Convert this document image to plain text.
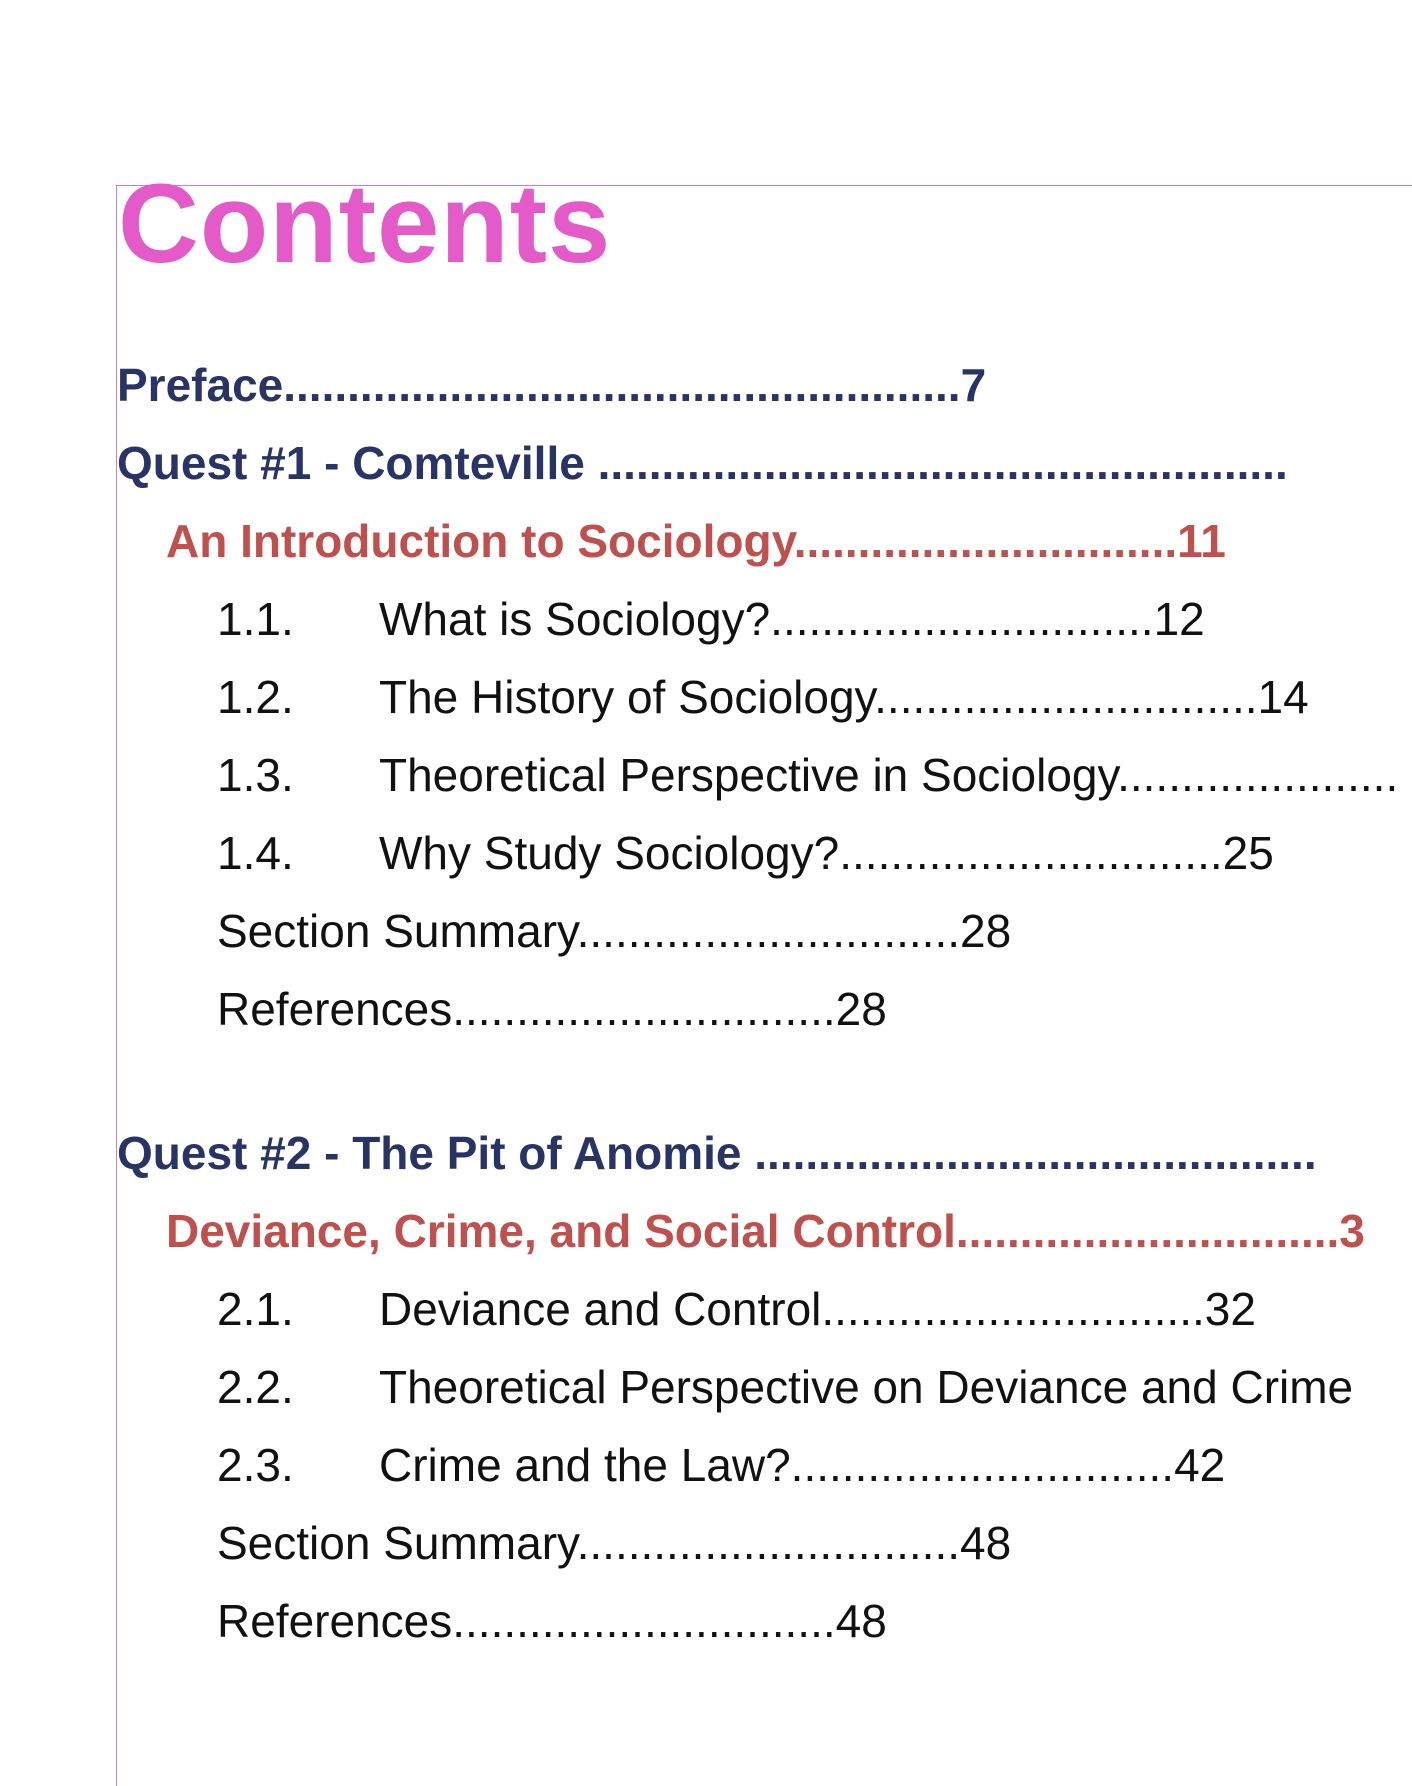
Contents
Preface.....................................................7
Quest #1 - Comteville ......................................................
An Introduction to Sociology..............................11
1.1. What is Sociology?..............................12
1.2. The History of Sociology..............................14
1.3. Theoretical Perspective in Sociology......................
1.4. Why Study Sociology?..............................25
Section Summary..............................28
References..............................28
Quest #2 - The Pit of Anomie ............................................
Deviance, Crime, and Social Control..............................3
2.1. Deviance and Control..............................32
2.2. Theoretical Perspective on Deviance and Crime
2.3. Crime and the Law?..............................42
Section Summary..............................48
References..............................48
